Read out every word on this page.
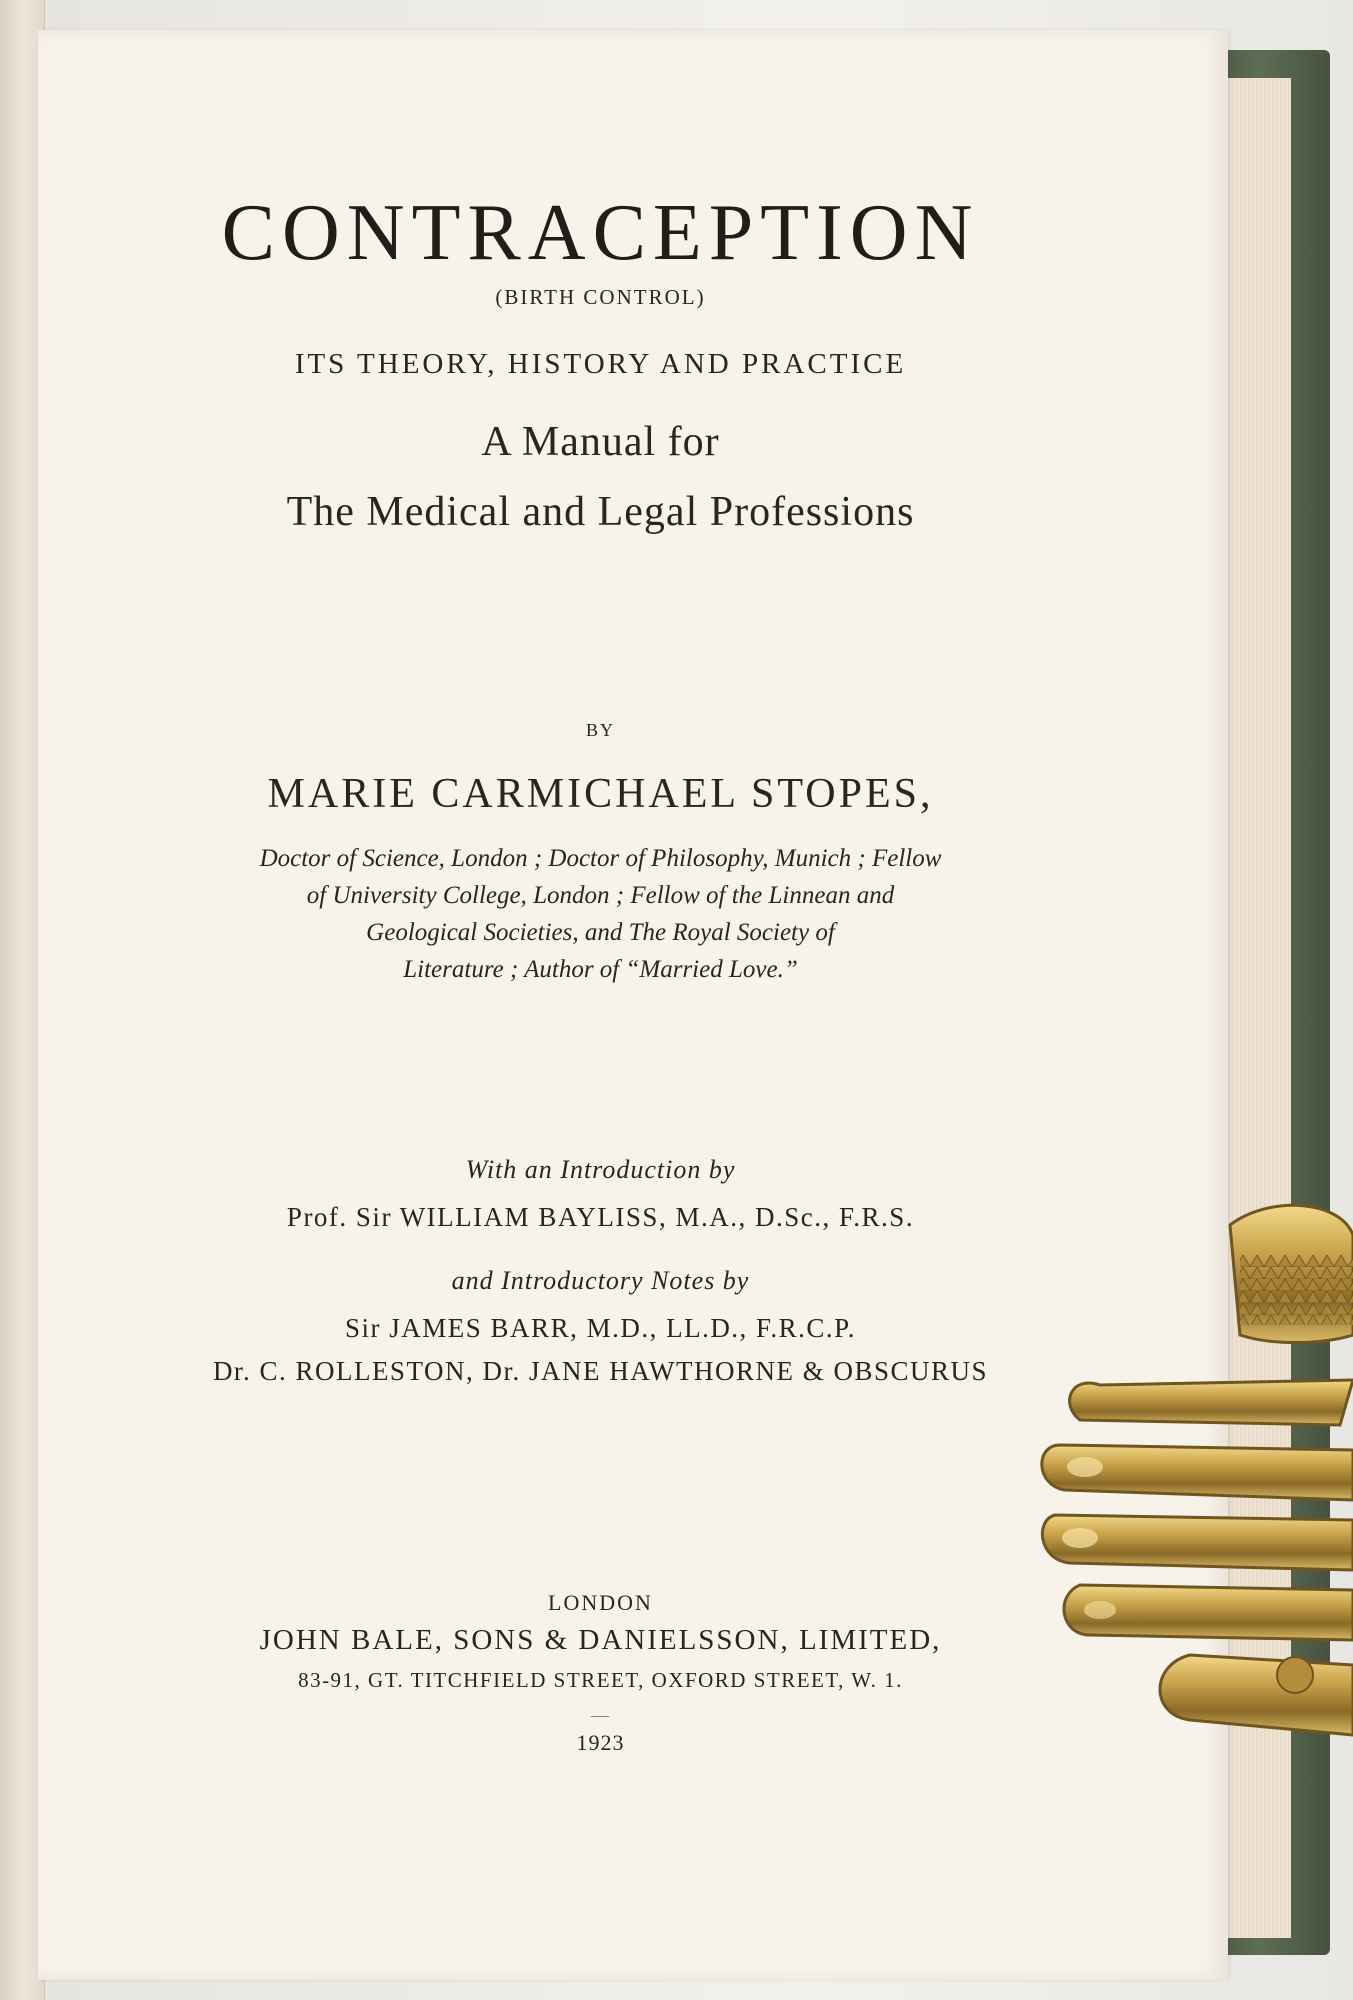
CONTRACEPTION

(BIRTH CONTROL)

ITS THEORY, HISTORY AND PRACTICE

A Manual for

The Medical and Legal Professions

BY

MARIE CARMICHAEL STOPES,

Doctor of Science, London ; Doctor of Philosophy, Munich ; Fellow
of University College, London ; Fellow of the Linnean and
Geological Societies, and The Royal Society of
Literature ; Author of “Married Love.”

With an Introduction by

Prof. Sir WILLIAM BAYLISS, M.A., D.Sc., F.R.S.

and Introductory Notes by

Sir JAMES BARR, M.D., LL.D., F.R.C.P.

Dr. C. ROLLESTON, Dr. JANE HAWTHORNE & OBSCURUS

LONDON

JOHN BALE, SONS & DANIELSSON, LIMITED,

83-91, GT. TITCHFIELD STREET, OXFORD STREET, W. 1.

1923
